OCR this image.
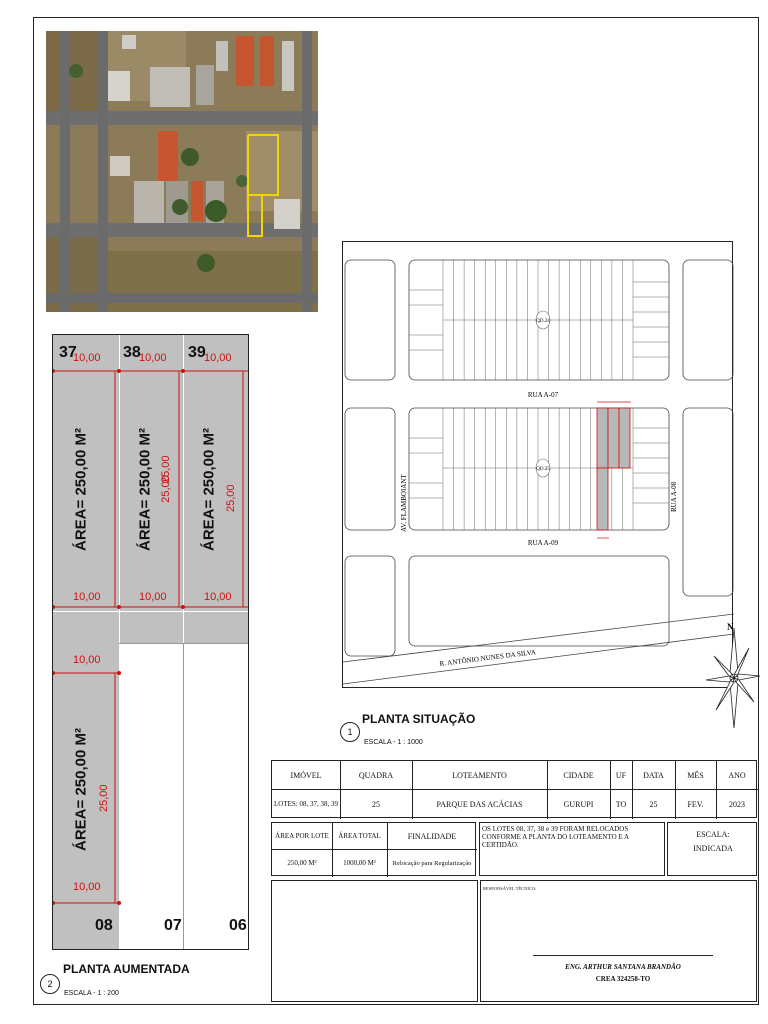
QD.24
QD.25
RUA A-07
RUA A-09
AV. FLAMBOIANT	RUA A-08
R. ANTÔNIO NUNES DA SILVA
N
1
PLANTA SITUAÇÃO
ESCALA - 1 : 1000
37	38	39
10,00	10,00	10,00
10,00	10,00	10,00
25,00
ÁREA= 250,00 M²	ÁREA= 250,00 M²	ÁREA= 250,00 M²
10,00
10,00
ÁREA= 250,00 M²
08	07	06
25,00
25,00
25,00
2
PLANTA AUMENTADA
ESCALA - 1 : 200
IMÓVEL	QUADRA	LOTEAMENTO	CIDADE	UF	DATA	MÊS	ANO
LOTES: 08, 37, 38, 39	25	PARQUE DAS ACÁCIAS	GURUPI	TO	25	FEV.	2023
ÁREA POR LOTE	ÁREA TOTAL	FINALIDADE
250,00 M²	1000,00 M²	Relocação para Regularização
OS LOTES 08, 37, 38 e 39 FORAM RELOCADOS CONFORME A PLANTA DO LOTEAMENTO E A CERTIDÃO.
ESCALA:
INDICADA
RESPONSÁVEL TÉCNICO:
ENG. ARTHUR SANTANA BRANDÃO
CREA 324258-TO
